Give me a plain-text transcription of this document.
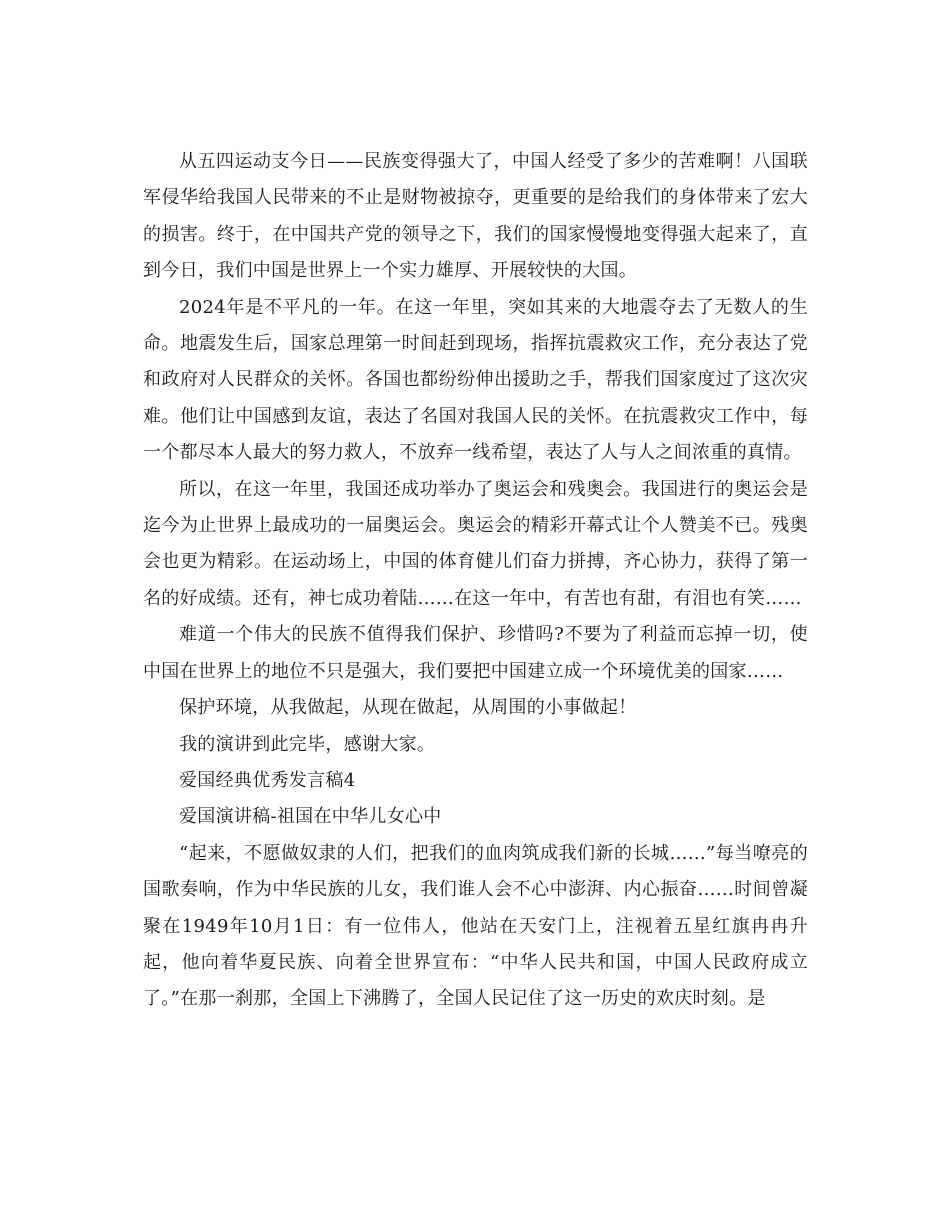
从五四运动支今日——民族变得强大了，中国人经受了多少的苦难啊！八国联军侵华给我国人民带来的不止是财物被掠夺，更重要的是给我们的身体带来了宏大的损害。终于，在中国共产党的领导之下，我们的国家慢慢地变得强大起来了，直到今日，我们中国是世界上一个实力雄厚、开展较快的大国。

2024年是不平凡的一年。在这一年里，突如其来的大地震夺去了无数人的生命。地震发生后，国家总理第一时间赶到现场，指挥抗震救灾工作，充分表达了党和政府对人民群众的关怀。各国也都纷纷伸出援助之手，帮我们国家度过了这次灾难。他们让中国感到友谊，表达了名国对我国人民的关怀。在抗震救灾工作中，每一个都尽本人最大的努力救人，不放弃一线希望，表达了人与人之间浓重的真情。

所以，在这一年里，我国还成功举办了奥运会和残奥会。我国进行的奥运会是迄今为止世界上最成功的一届奥运会。奥运会的精彩开幕式让个人赞美不已。残奥会也更为精彩。在运动场上，中国的体育健儿们奋力拼搏，齐心协力，获得了第一名的好成绩。还有，神七成功着陆……在这一年中，有苦也有甜，有泪也有笑……

难道一个伟大的民族不值得我们保护、珍惜吗?不要为了利益而忘掉一切，使中国在世界上的地位不只是强大，我们要把中国建立成一个环境优美的国家……

保护环境，从我做起，从现在做起，从周围的小事做起！

我的演讲到此完毕，感谢大家。

爱国经典优秀发言稿4

爱国演讲稿-祖国在中华儿女心中

“起来，不愿做奴隶的人们，把我们的血肉筑成我们新的长城……”每当嘹亮的国歌奏响，作为中华民族的儿女，我们谁人会不心中澎湃、内心振奋……时间曾凝聚在1949年10月1日：有一位伟人，他站在天安门上，注视着五星红旗冉冉升起，他向着华夏民族、向着全世界宣布：“中华人民共和国，中国人民政府成立了。”在那一刹那，全国上下沸腾了，全国人民记住了这一历史的欢庆时刻。是
